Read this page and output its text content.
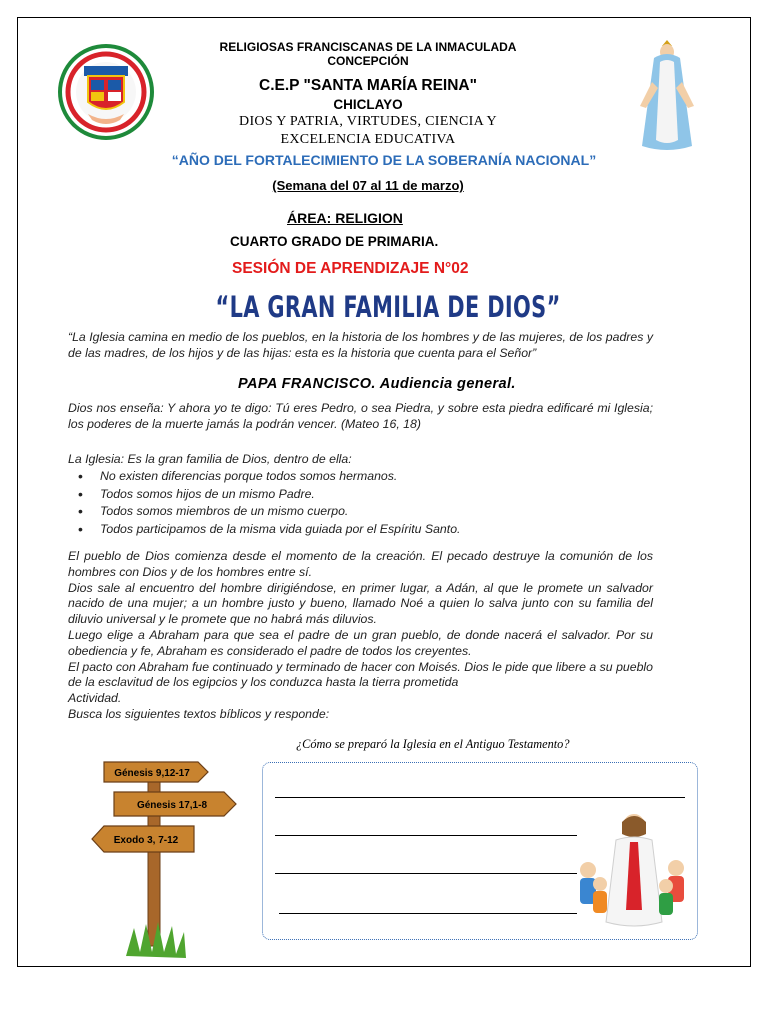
RELIGIOSAS FRANCISCANAS DE LA INMACULADA
CONCEPCIÓN
C.E.P "SANTA MARÍA REINA"
CHICLAYO
DIOS Y PATRIA, VIRTUDES, CIENCIA Y
EXCELENCIA EDUCATIVA
“AÑO DEL FORTALECIMIENTO DE LA SOBERANÍA NACIONAL”
(Semana del 07 al 11 de marzo)
ÁREA: RELIGION
CUARTO GRADO DE PRIMARIA.
SESIÓN DE APRENDIZAJE N°02
“LA GRAN FAMILIA DE DIOS”
“La Iglesia camina en medio de los pueblos, en la historia de los hombres y de las mujeres, de los padres y de las madres, de los hijos y de las hijas: esta es la historia que cuenta para el Señor”
PAPA FRANCISCO. Audiencia general.
Dios nos enseña: Y ahora yo te digo: Tú eres Pedro, o sea Piedra, y sobre esta piedra edificaré mi Iglesia; los poderes de la muerte jamás la podrán vencer. (Mateo 16, 18)
La Iglesia: Es la gran familia de Dios, dentro de ella:
• No existen diferencias porque todos somos hermanos.
• Todos somos hijos de un mismo Padre.
• Todos somos miembros de un mismo cuerpo.
• Todos participamos de la misma vida guiada por el Espíritu Santo.
El pueblo de Dios comienza desde el momento de la creación. El pecado destruye la comunión de los hombres con Dios y de los hombres entre sí.
Dios sale al encuentro del hombre dirigiéndose, en primer lugar, a Adán, al que le promete un salvador nacido de una mujer; a un hombre justo y bueno, llamado Noé a quien lo salva junto con su familia del diluvio universal y le promete que no habrá más diluvios.
Luego elige a Abraham para que sea el padre de un gran pueblo, de donde nacerá el salvador. Por su obediencia y fe, Abraham es considerado el padre de todos los creyentes.
El pacto con Abraham fue continuado y terminado de hacer con Moisés. Dios le pide que libere a su pueblo de la esclavitud de los egipcios y los conduzca hasta la tierra prometida
Actividad.
Busca los siguientes textos bíblicos y responde:
¿Cómo se preparó la Iglesia en el Antiguo Testamento?
Génesis 9,12-17
Génesis 17,1-8
Exodo 3, 7-12
